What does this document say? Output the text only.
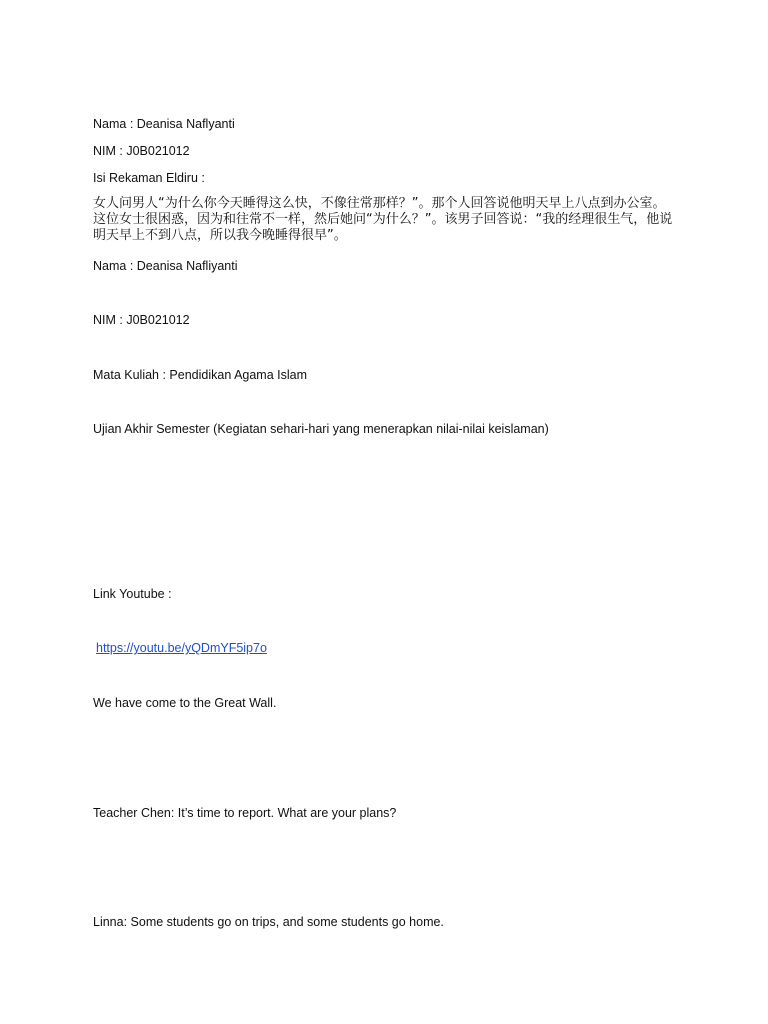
Nama : Deanisa Naflyanti
NIM : J0B021012
Isi Rekaman Eldiru :
女人问男人“为什么你今天睡得这么快，不像往常那样？”。那个人回答说他明天早上八点到办公室。这位女士很困惑，因为和往常不一样，然后她问“为什么？”。该男子回答说：“我的经理很生气，他说明天早上不到八点，所以我今晚睡得很早”。
Nama : Deanisa Nafliyanti
NIM : J0B021012
Mata Kuliah : Pendidikan Agama Islam
Ujian Akhir Semester (Kegiatan sehari-hari yang menerapkan nilai-nilai keislaman)
Link Youtube :
https://youtu.be/yQDmYF5ip7o
We have come to the Great Wall.
Teacher Chen: It’s time to report. What are your plans?
Linna: Some students go on trips, and some students go home.
